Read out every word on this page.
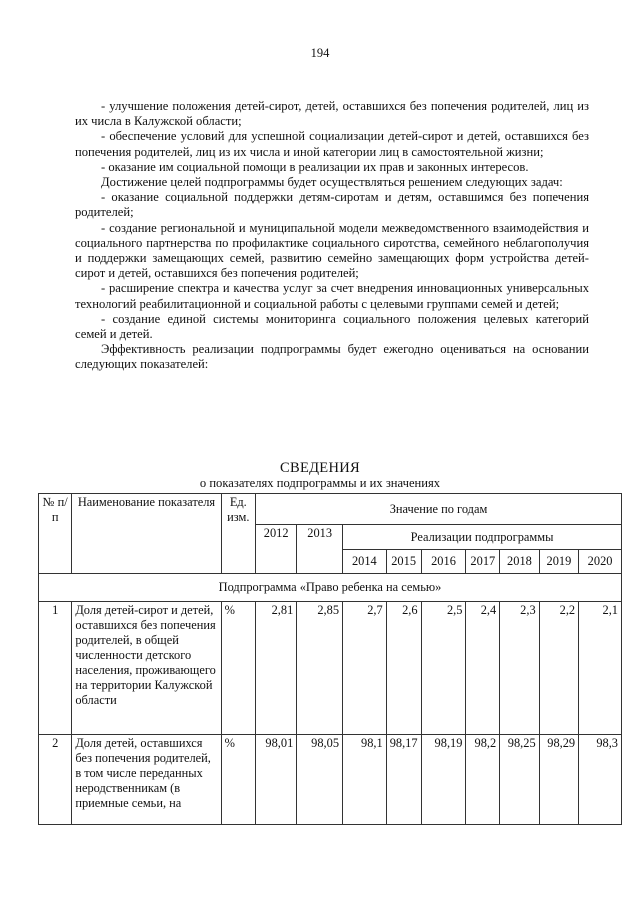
194

- улучшение положения детей-сирот, детей, оставшихся без попечения родителей, лиц из их числа в Калужской области;

- обеспечение условий для успешной социализации детей-сирот и детей, оставшихся без попечения родителей, лиц из их числа и иной категории лиц в самостоятельной жизни;

- оказание им социальной помощи в реализации их прав и законных интересов.

Достижение целей подпрограммы будет осуществляться решением следующих задач:

- оказание социальной поддержки детям-сиротам и детям, оставшимся без попечения родителей;

- создание региональной и муниципальной модели межведомственного взаимодействия и социального партнерства по профилактике социального сиротства, семейного неблагополучия и поддержки замещающих семей, развитию семейно замещающих форм устройства детей-сирот и детей, оставшихся без попечения родителей;

- расширение спектра и качества услуг за счет внедрения инновационных универсальных технологий реабилитационной и социальной работы с целевыми группами семей и детей;

- создание единой системы мониторинга социального положения целевых категорий семей и детей.

Эффективность реализации подпрограммы будет ежегодно оцениваться на основании следующих показателей:

СВЕДЕНИЯ
о показателях подпрограммы и их значениях
№ п/п	Наименование показателя	Ед. изм.	Значение по годам								
			2012	2013	Реализации подпрограммы						
					2014	2015	2016	2017	2018	2019	2020
Подпрограмма «Право ребенка на семью»											
1	Доля детей-сирот и детей, оставшихся без попечения родителей, в общей численности детского населения, проживающего на территории Калужской области	%	2,81	2,85	2,7	2,6	2,5	2,4	2,3	2,2	2,1
2	Доля детей, оставшихся без попечения родителей, в том числе переданных неродственникам (в приемные семьи, на	%	98,01	98,05	98,1	98,17	98,19	98,2	98,25	98,29	98,3
